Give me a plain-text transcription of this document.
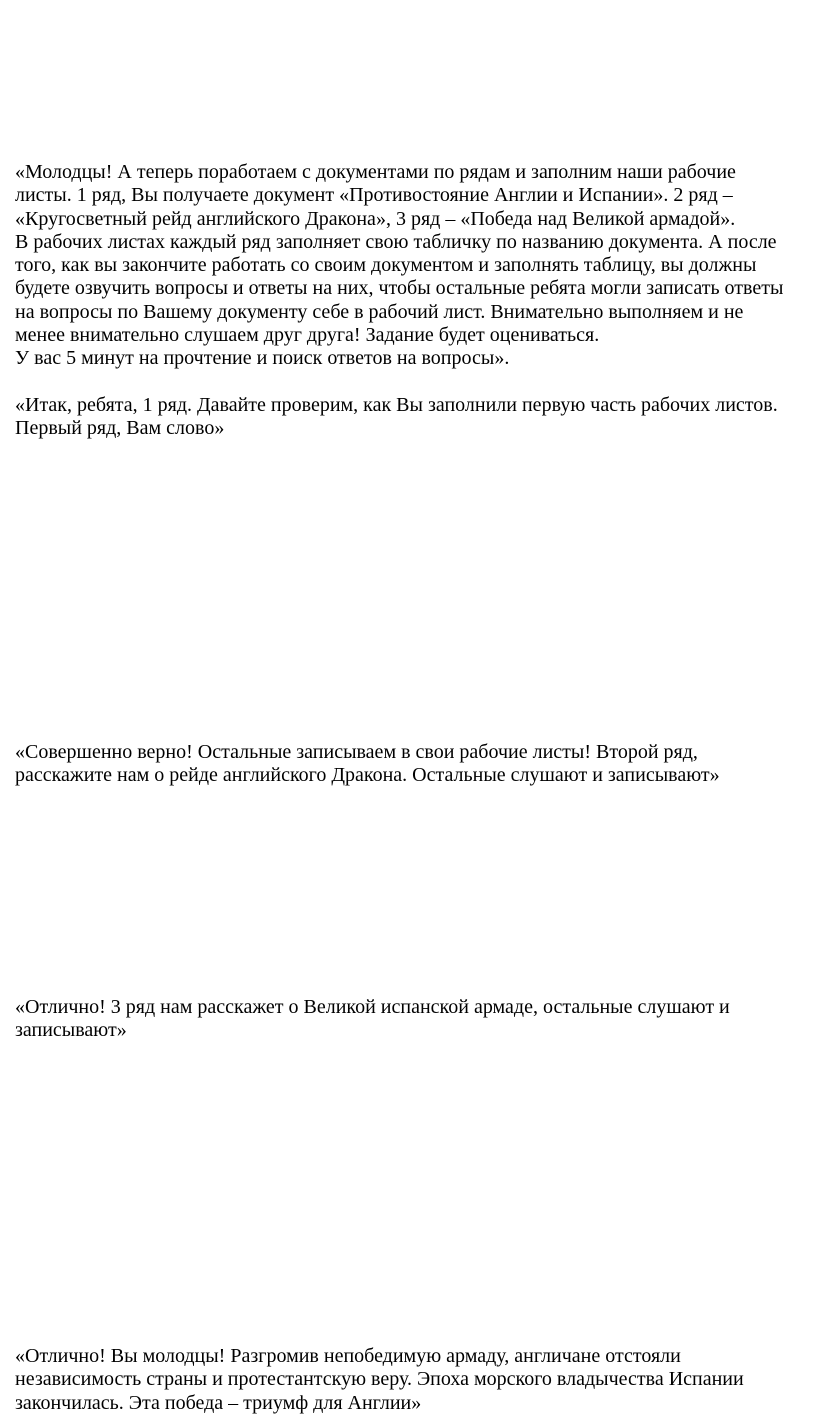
«Молодцы! А теперь поработаем с документами по рядам и заполним наши рабочие
листы. 1 ряд, Вы получаете документ «Противостояние Англии и Испании». 2 ряд –
«Кругосветный рейд английского Дракона», 3 ряд – «Победа над Великой армадой».
В рабочих листах каждый ряд заполняет свою табличку по названию документа. А после
того, как вы закончите работать со своим документом и заполнять таблицу, вы должны
будете озвучить вопросы и ответы на них, чтобы остальные ребята могли записать ответы
на вопросы по Вашему документу себе в рабочий лист. Внимательно выполняем и не
менее внимательно слушаем друг друга! Задание будет оцениваться.
У вас 5 минут на прочтение и поиск ответов на вопросы».
«Итак, ребята, 1 ряд. Давайте проверим, как Вы заполнили первую часть рабочих листов.
Первый ряд, Вам слово»
«Совершенно верно! Остальные записываем в свои рабочие листы! Второй ряд,
расскажите нам о рейде английского Дракона. Остальные слушают и записывают»
«Отлично! 3 ряд нам расскажет о Великой испанской армаде, остальные слушают и
записывают»
«Отлично! Вы молодцы! Разгромив непобедимую армаду, англичане отстояли
независимость страны и протестантскую веру. Эпоха морского владычества Испании
закончилась. Эта победа – триумф для Англии»
